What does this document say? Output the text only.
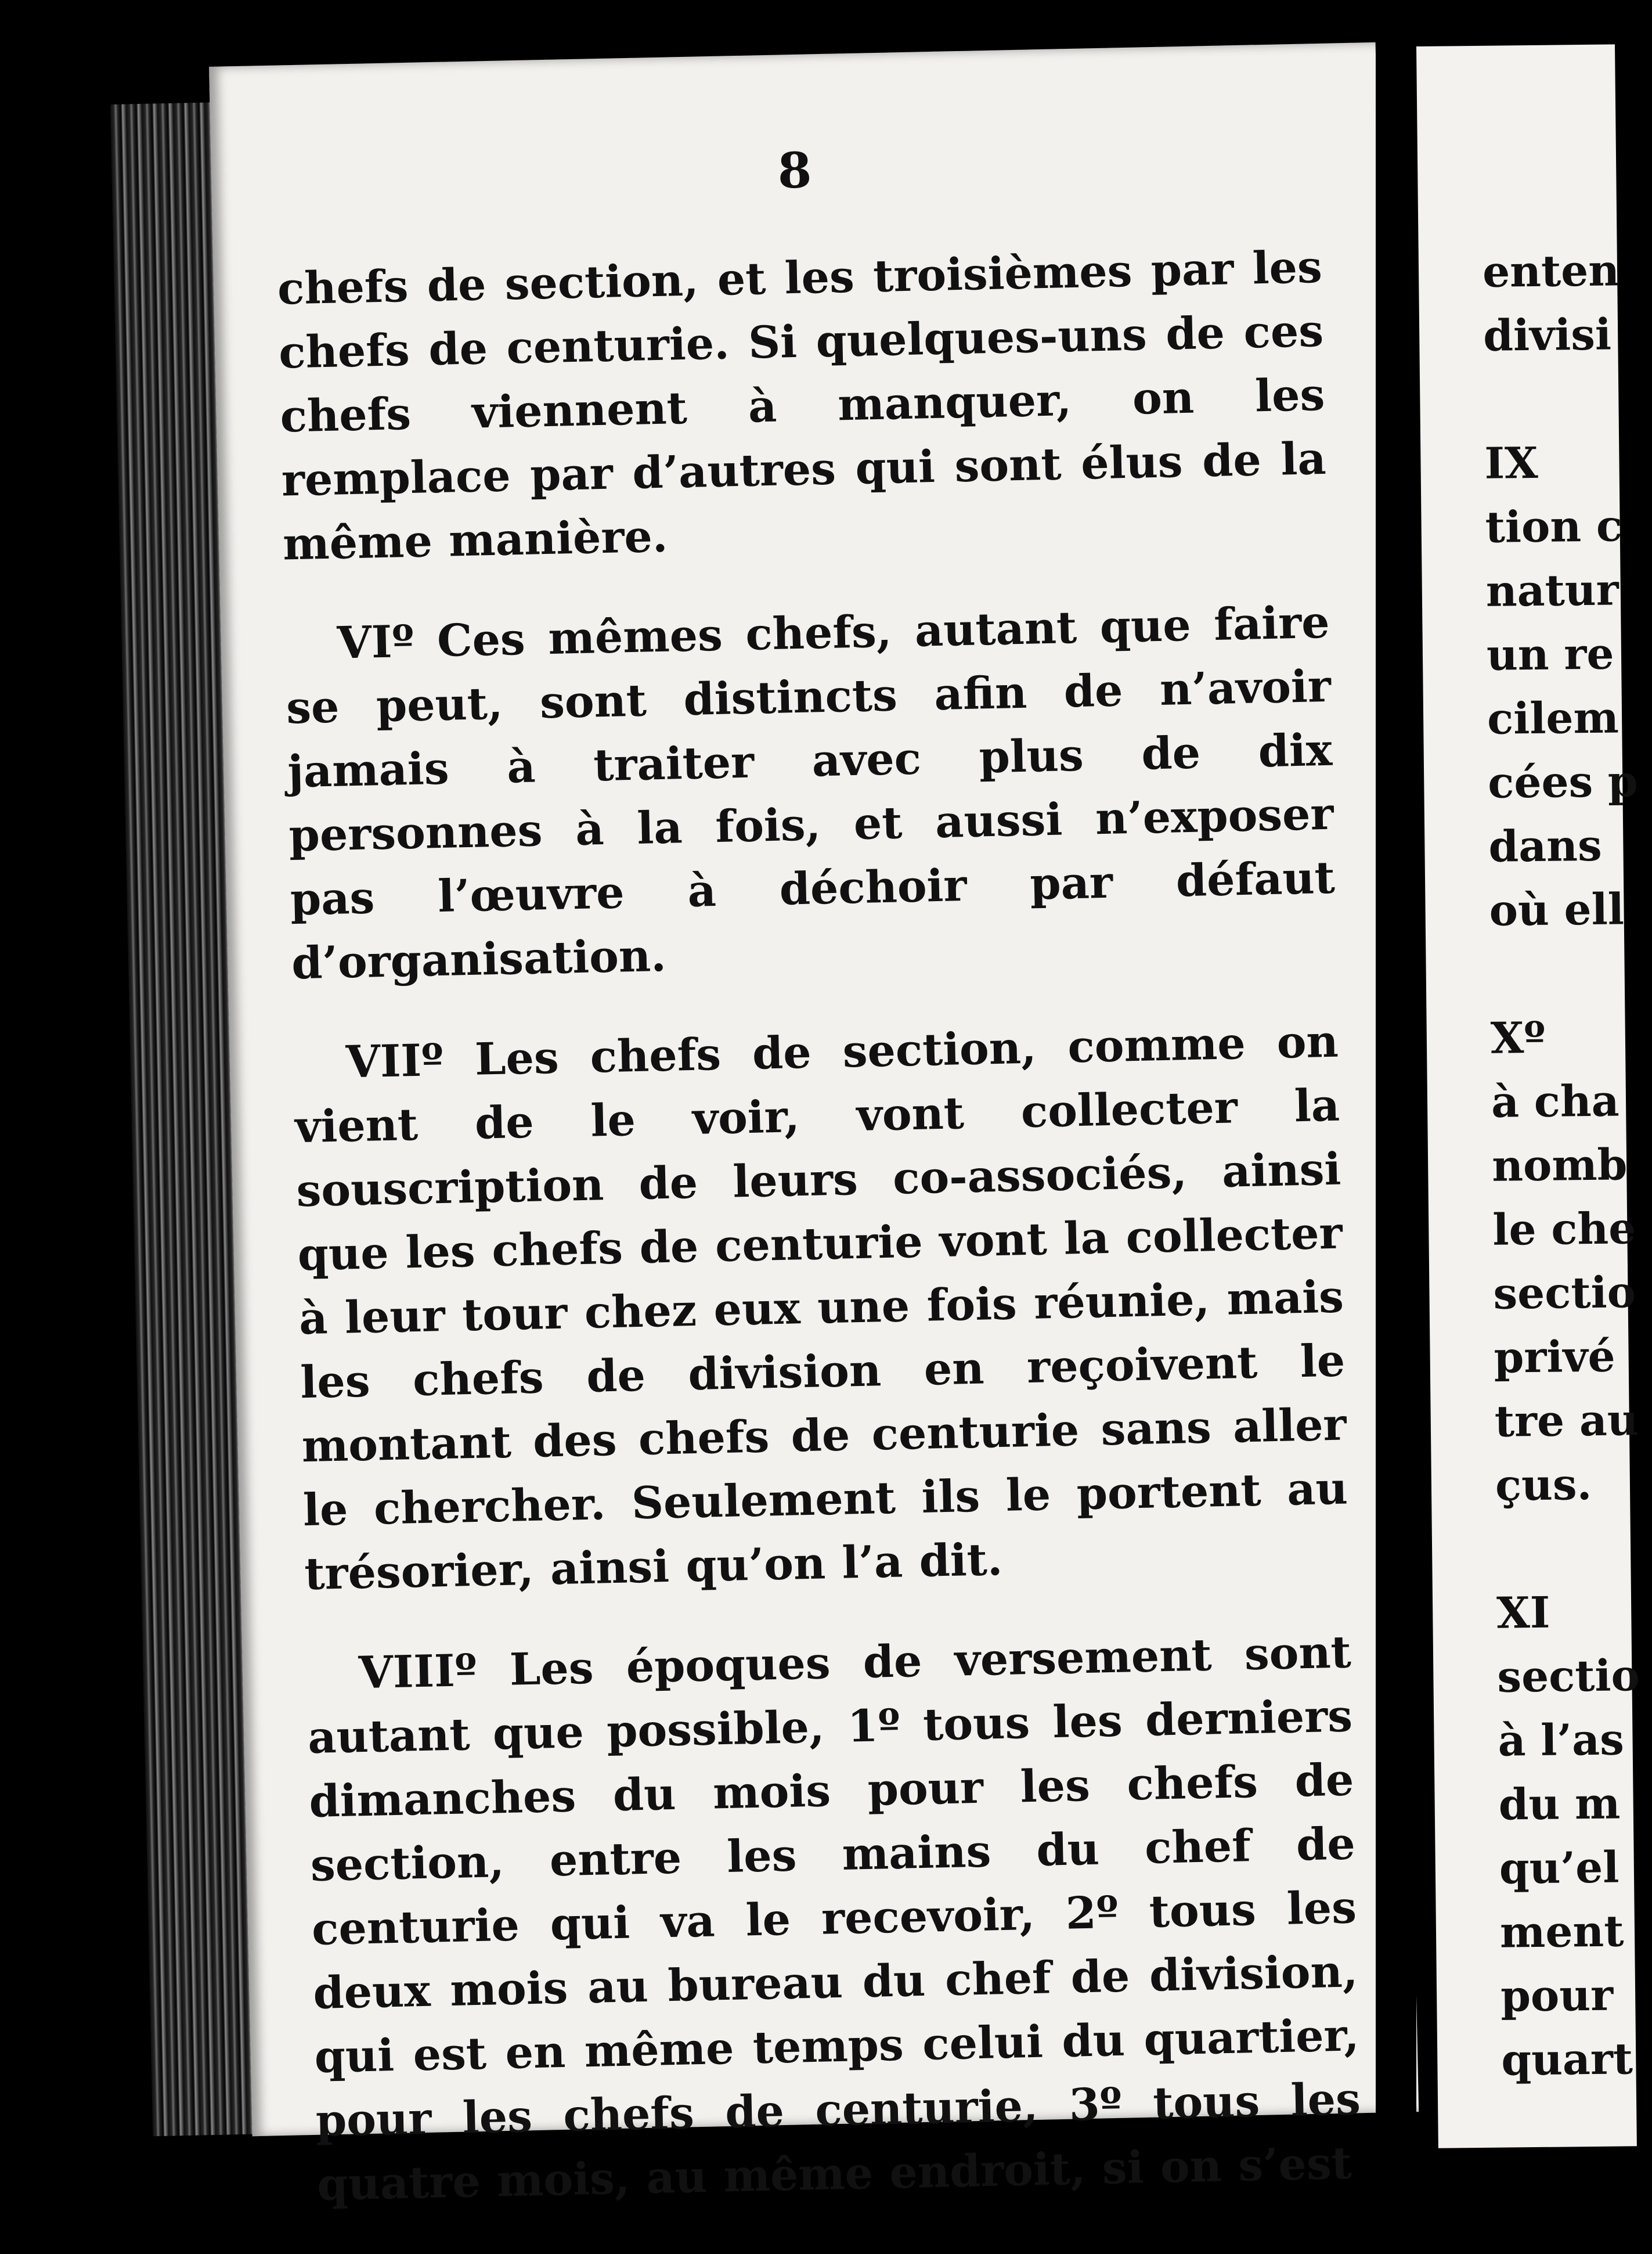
8

chefs de section, et les troisièmes par les chefs de centurie. Si quelques-uns de ces chefs viennent à manquer, on les remplace par d’autres qui sont élus de la même manière.

VIº Ces mêmes chefs, autant que faire se peut, sont distincts afin de n’avoir jamais à traiter avec plus de dix personnes à la fois, et aussi n’exposer pas l’œuvre à déchoir par défaut d’organisation.

VIIº Les chefs de section, comme on vient de le voir, vont collecter la souscription de leurs co-associés, ainsi que les chefs de centurie vont la collecter à leur tour chez eux une fois réunie, mais les chefs de division en reçoivent le montant des chefs de centurie sans aller le chercher. Seulement ils le portent au trésorier, ainsi qu’on l’a dit.

VIIIº Les époques de versement sont autant que possible, 1º tous les derniers dimanches du mois pour les chefs de section, entre les mains du chef de centurie qui va le recevoir, 2º tous les deux mois au bureau du chef de division, qui est en même temps celui du quartier, pour les chefs de centurie, 3º tous les quatre mois, au même endroit, si on s’est

enten
divisi
IX
tion c
natur
un re
cilem
cées p
dans
où ell
Xº
à cha
nomb
le che
sectio
privé
tre au
çus.
XI
sectio
à l’as
du m
qu’el
ment
pour
quart
